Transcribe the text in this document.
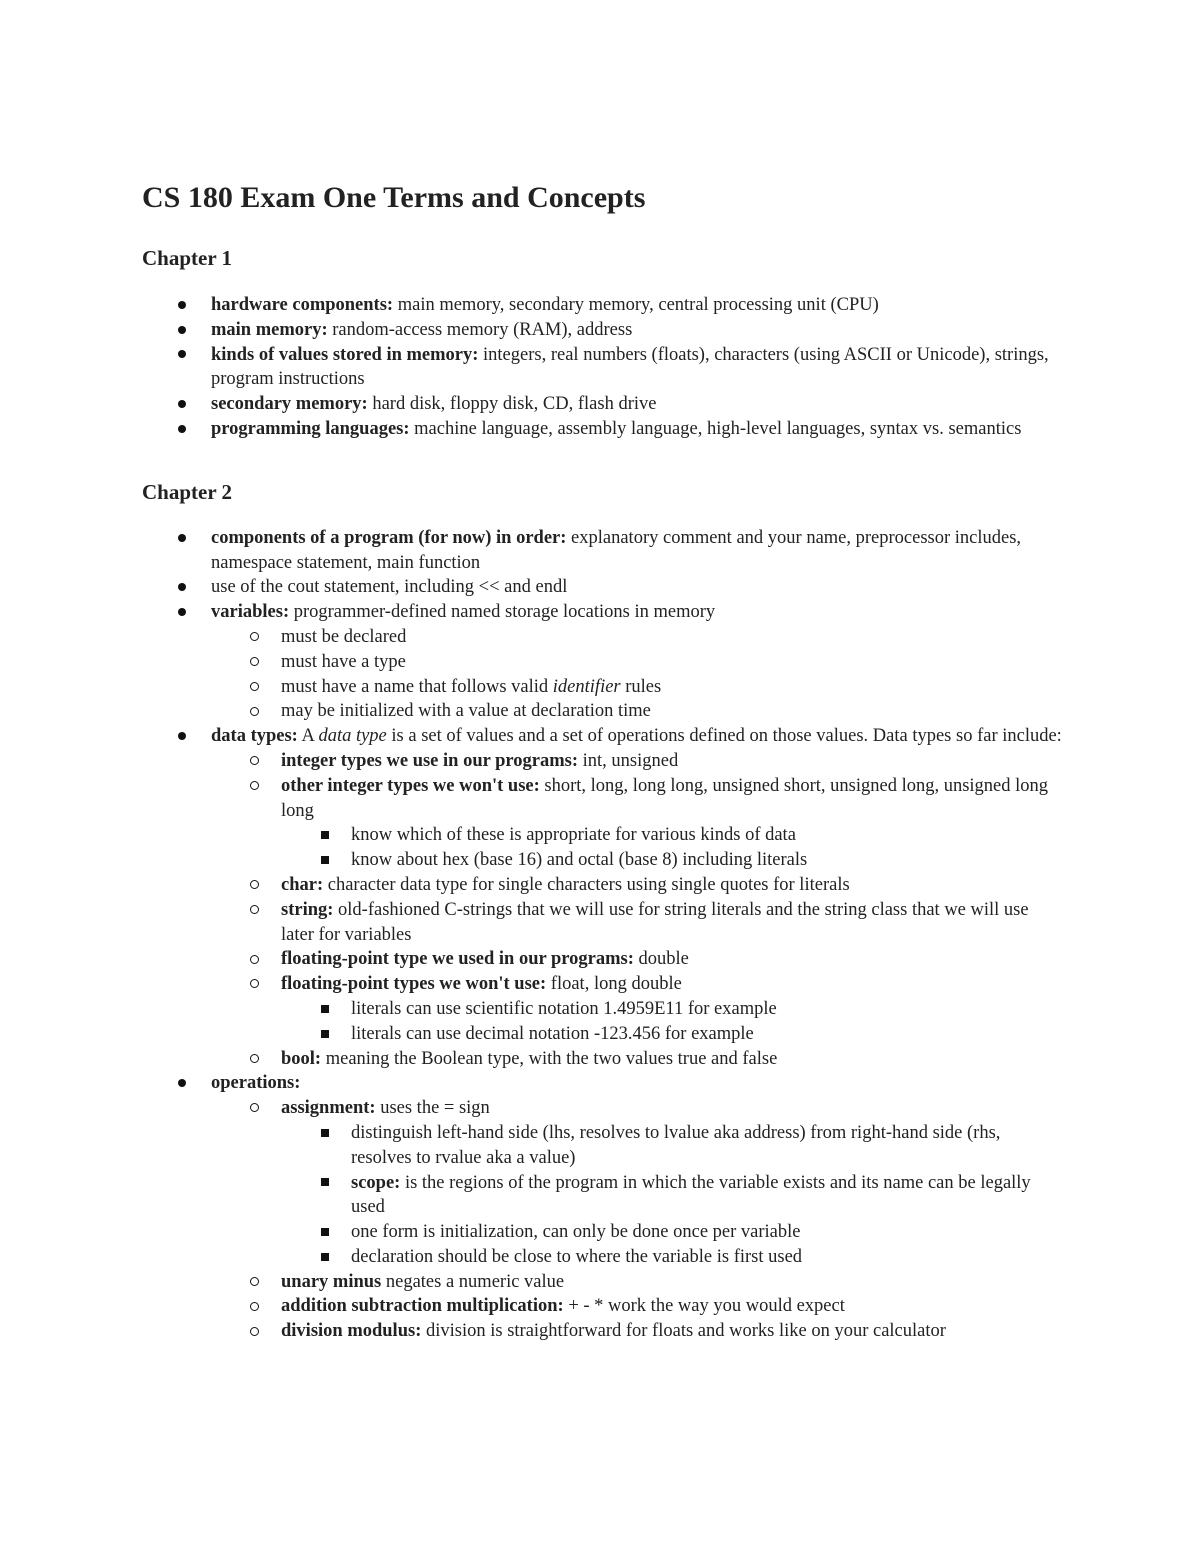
CS 180 Exam One Terms and Concepts
Chapter 1
hardware components: main memory, secondary memory, central processing unit (CPU)
main memory: random-access memory (RAM), address
kinds of values stored in memory: integers, real numbers (floats), characters (using ASCII or Unicode), strings, program instructions
secondary memory: hard disk, floppy disk, CD, flash drive
programming languages: machine language, assembly language, high-level languages, syntax vs. semantics
Chapter 2
components of a program (for now) in order: explanatory comment and your name, preprocessor includes, namespace statement, main function
use of the cout statement, including << and endl
variables: programmer-defined named storage locations in memory
must be declared
must have a type
must have a name that follows valid identifier rules
may be initialized with a value at declaration time
data types: A data type is a set of values and a set of operations defined on those values. Data types so far include:
integer types we use in our programs: int, unsigned
other integer types we won't use: short, long, long long, unsigned short, unsigned long, unsigned long long
know which of these is appropriate for various kinds of data
know about hex (base 16) and octal (base 8) including literals
char: character data type for single characters using single quotes for literals
string: old-fashioned C-strings that we will use for string literals and the string class that we will use later for variables
floating-point type we used in our programs: double
floating-point types we won't use: float, long double
literals can use scientific notation 1.4959E11 for example
literals can use decimal notation -123.456 for example
bool: meaning the Boolean type, with the two values true and false
operations:
assignment: uses the = sign
distinguish left-hand side (lhs, resolves to lvalue aka address) from right-hand side (rhs, resolves to rvalue aka a value)
scope: is the regions of the program in which the variable exists and its name can be legally used
one form is initialization, can only be done once per variable
declaration should be close to where the variable is first used
unary minus negates a numeric value
addition subtraction multiplication: + - * work the way you would expect
division modulus: division is straightforward for floats and works like on your calculator
